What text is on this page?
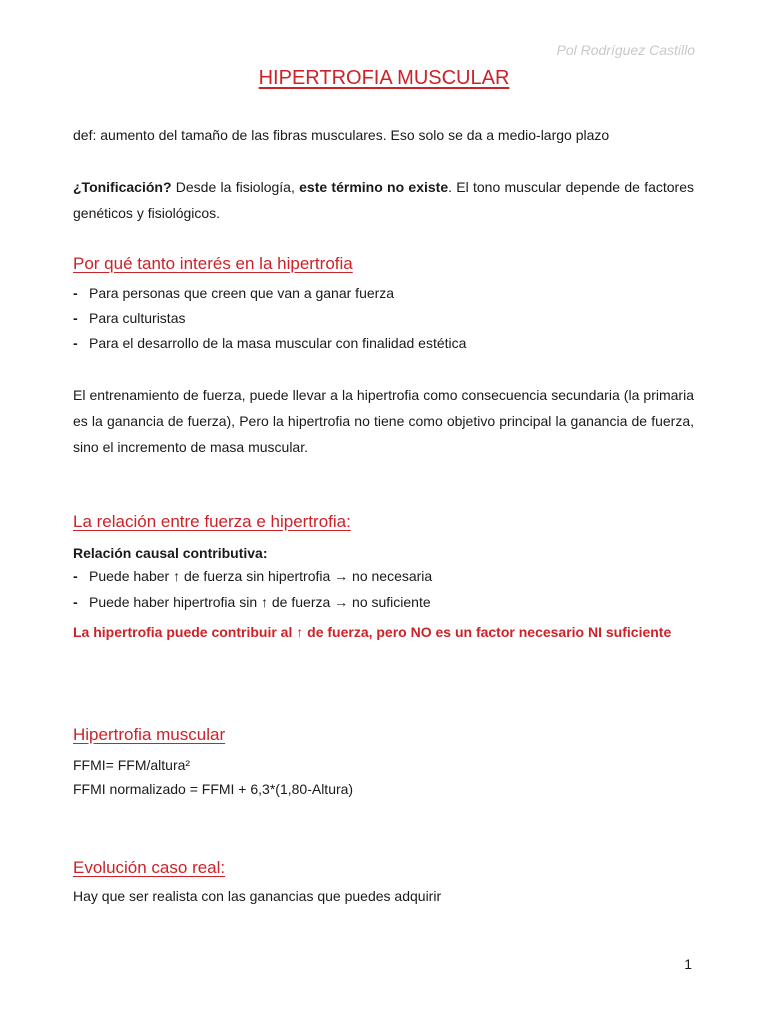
Pol Rodríguez Castillo
HIPERTROFIA MUSCULAR
def: aumento del tamaño de las fibras musculares. Eso solo se da a medio-largo plazo
¿Tonificación? Desde la fisiología, este término no existe. El tono muscular depende de factores genéticos y fisiológicos.
Por qué tanto interés en la hipertrofia
- Para personas que creen que van a ganar fuerza
- Para culturistas
- Para el desarrollo de la masa muscular con finalidad estética
El entrenamiento de fuerza, puede llevar a la hipertrofia como consecuencia secundaria (la primaria es la ganancia de fuerza), Pero la hipertrofia no tiene como objetivo principal la ganancia de fuerza, sino el incremento de masa muscular.
La relación entre fuerza e hipertrofia:
Relación causal contributiva:
- Puede haber ↑ de fuerza sin hipertrofia → no necesaria
- Puede haber hipertrofia sin ↑ de fuerza → no suficiente
La hipertrofia puede contribuir al ↑ de fuerza, pero NO es un factor necesario NI suficiente
Hipertrofia muscular
FFMI= FFM/altura²
FFMI normalizado = FFMI + 6,3*(1,80-Altura)
Evolución caso real:
Hay que ser realista con las ganancias que puedes adquirir
1
